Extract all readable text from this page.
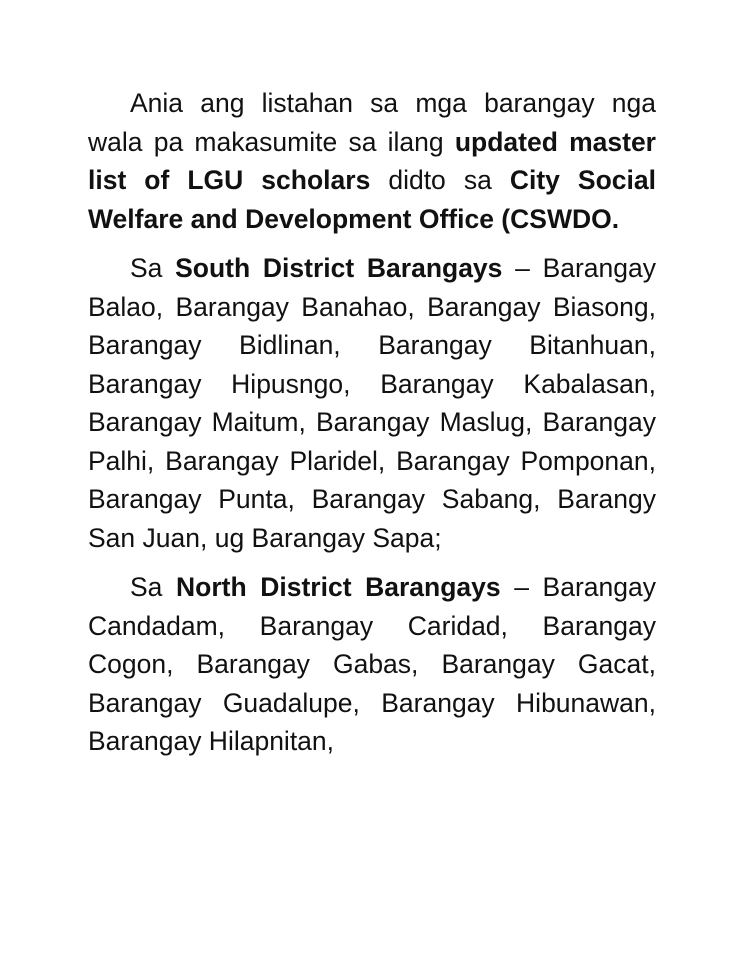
Ania ang listahan sa mga barangay nga wala pa makasumite sa ilang updated master list of LGU scholars didto sa City Social Welfare and Development Office (CSWDO.

Sa South District Barangays – Barangay Balao, Barangay Banahao, Barangay Biasong, Barangay Bidlinan, Barangay Bitanhuan, Barangay Hipusngo, Barangay Kabalasan, Barangay Maitum, Barangay Maslug, Barangay Palhi, Barangay Plaridel, Barangay Pomponan, Barangay Punta, Barangay Sabang, Barangy San Juan, ug Barangay Sapa;

Sa North District Barangays – Barangay Candadam, Barangay Caridad, Barangay Cogon, Barangay Gabas, Barangay Gacat, Barangay Guadalupe, Barangay Hibunawan, Barangay Hilapnitan,
